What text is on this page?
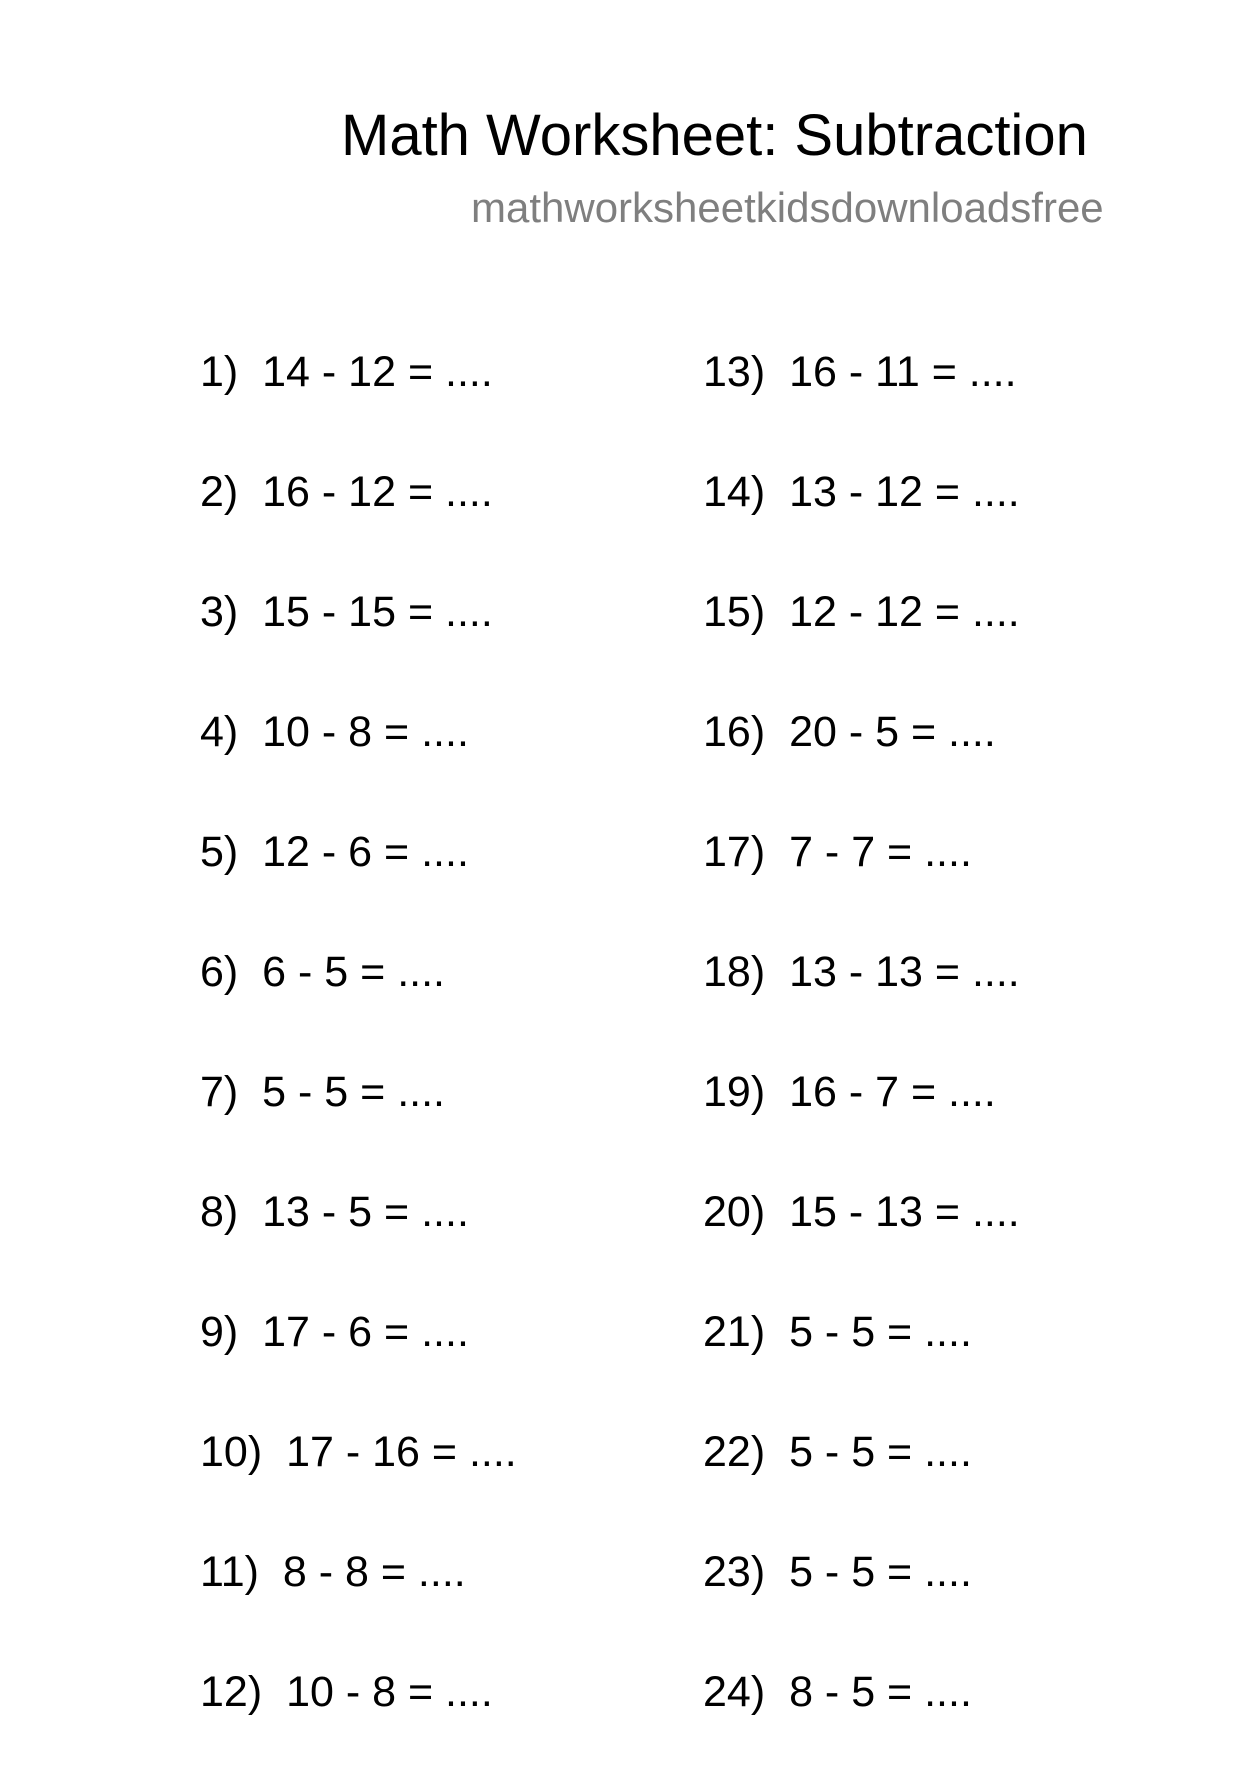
Math Worksheet: Subtraction
mathworksheetkidsdownloadsfree
1) 14 - 12 = ....
2) 16 - 12 = ....
3) 15 - 15 = ....
4) 10 - 8 = ....
5) 12 - 6 = ....
6) 6 - 5 = ....
7) 5 - 5 = ....
8) 13 - 5 = ....
9) 17 - 6 = ....
10) 17 - 16 = ....
11) 8 - 8 = ....
12) 10 - 8 = ....
13) 16 - 11 = ....
14) 13 - 12 = ....
15) 12 - 12 = ....
16) 20 - 5 = ....
17) 7 - 7 = ....
18) 13 - 13 = ....
19) 16 - 7 = ....
20) 15 - 13 = ....
21) 5 - 5 = ....
22) 5 - 5 = ....
23) 5 - 5 = ....
24) 8 - 5 = ....
